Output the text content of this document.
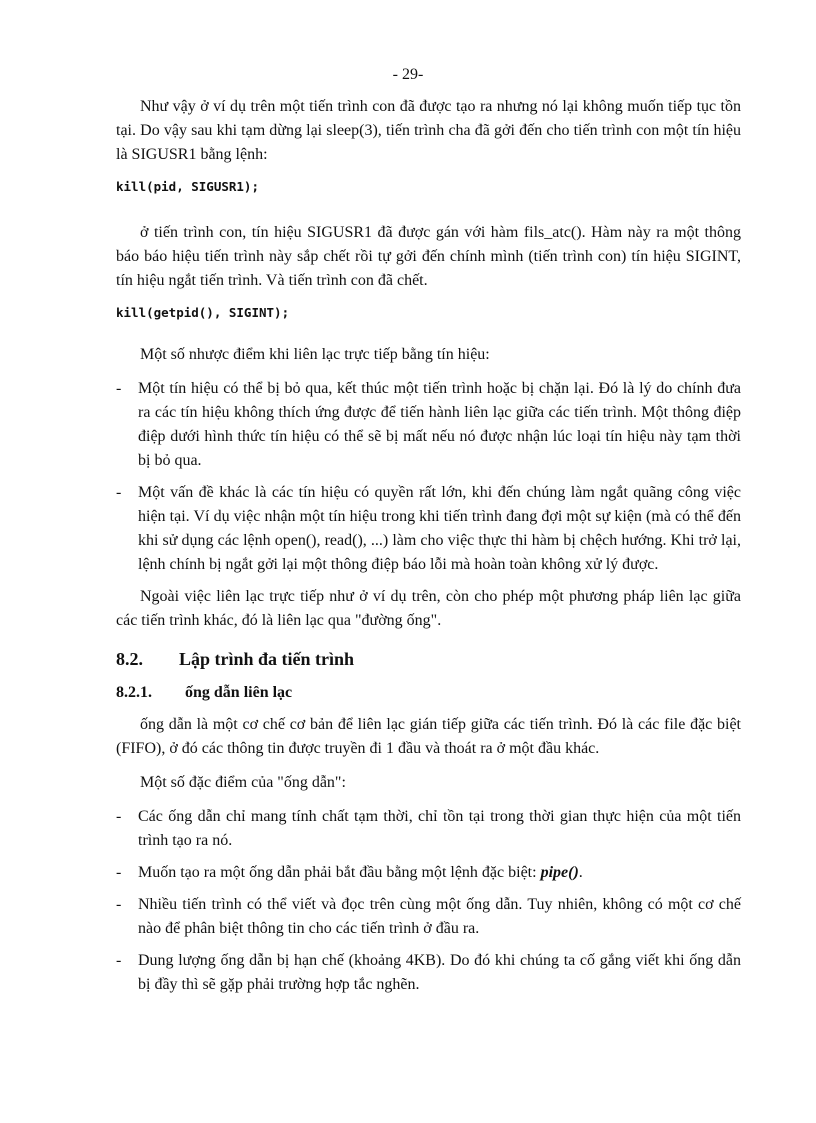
- 29-

Như vậy ở ví dụ trên một tiến trình con đã được tạo ra nhưng nó lại không muốn tiếp tục tồn tại. Do vậy sau khi tạm dừng lại sleep(3), tiến trình cha đã gởi đến cho tiến trình con một tín hiệu là SIGUSR1 bằng lệnh:

kill(pid, SIGUSR1);

ở tiến trình con, tín hiệu SIGUSR1 đã được gán với hàm fils_atc(). Hàm này ra một thông báo báo hiệu tiến trình này sắp chết rồi tự gởi đến chính mình (tiến trình con) tín hiệu SIGINT, tín hiệu ngắt tiến trình. Và tiến trình con đã chết.

kill(getpid(), SIGINT);

Một số nhược điểm khi liên lạc trực tiếp bằng tín hiệu:

- Một tín hiệu có thể bị bỏ qua, kết thúc một tiến trình hoặc bị chặn lại. Đó là lý do chính đưa ra các tín hiệu không thích ứng được để tiến hành liên lạc giữa các tiến trình. Một thông điệp điệp dưới hình thức tín hiệu có thể sẽ bị mất nếu nó được nhận lúc loại tín hiệu này tạm thời bị bỏ qua.
- Một vấn đề khác là các tín hiệu có quyền rất lớn, khi đến chúng làm ngắt quãng công việc hiện tại. Ví dụ việc nhận một tín hiệu trong khi tiến trình đang đợi một sự kiện (mà có thể đến khi sử dụng các lệnh open(), read(), ...) làm cho việc thực thi hàm bị chệch hướng. Khi trở lại, lệnh chính bị ngắt gởi lại một thông điệp báo lỗi mà hoàn toàn không xử lý được.

Ngoài việc liên lạc trực tiếp như ở ví dụ trên, còn cho phép một phương pháp liên lạc giữa các tiến trình khác, đó là liên lạc qua "đường ống".

8.2. Lập trình đa tiến trình
8.2.1. ống dẫn liên lạc

ống dẫn là một cơ chế cơ bản để liên lạc gián tiếp giữa các tiến trình. Đó là các file đặc biệt (FIFO), ở đó các thông tin được truyền đi 1 đầu và thoát ra ở một đầu khác.

Một số đặc điểm của "ống dẫn":

- Các ống dẫn chỉ mang tính chất tạm thời, chỉ tồn tại trong thời gian thực hiện của một tiến trình tạo ra nó.
- Muốn tạo ra một ống dẫn phải bắt đầu bằng một lệnh đặc biệt: pipe().
- Nhiều tiến trình có thể viết và đọc trên cùng một ống dẫn. Tuy nhiên, không có một cơ chế nào để phân biệt thông tin cho các tiến trình ở đầu ra.
- Dung lượng ống dẫn bị hạn chế (khoảng 4KB). Do đó khi chúng ta cố gắng viết khi ống dẫn bị đầy thì sẽ gặp phải trường hợp tắc nghẽn.
